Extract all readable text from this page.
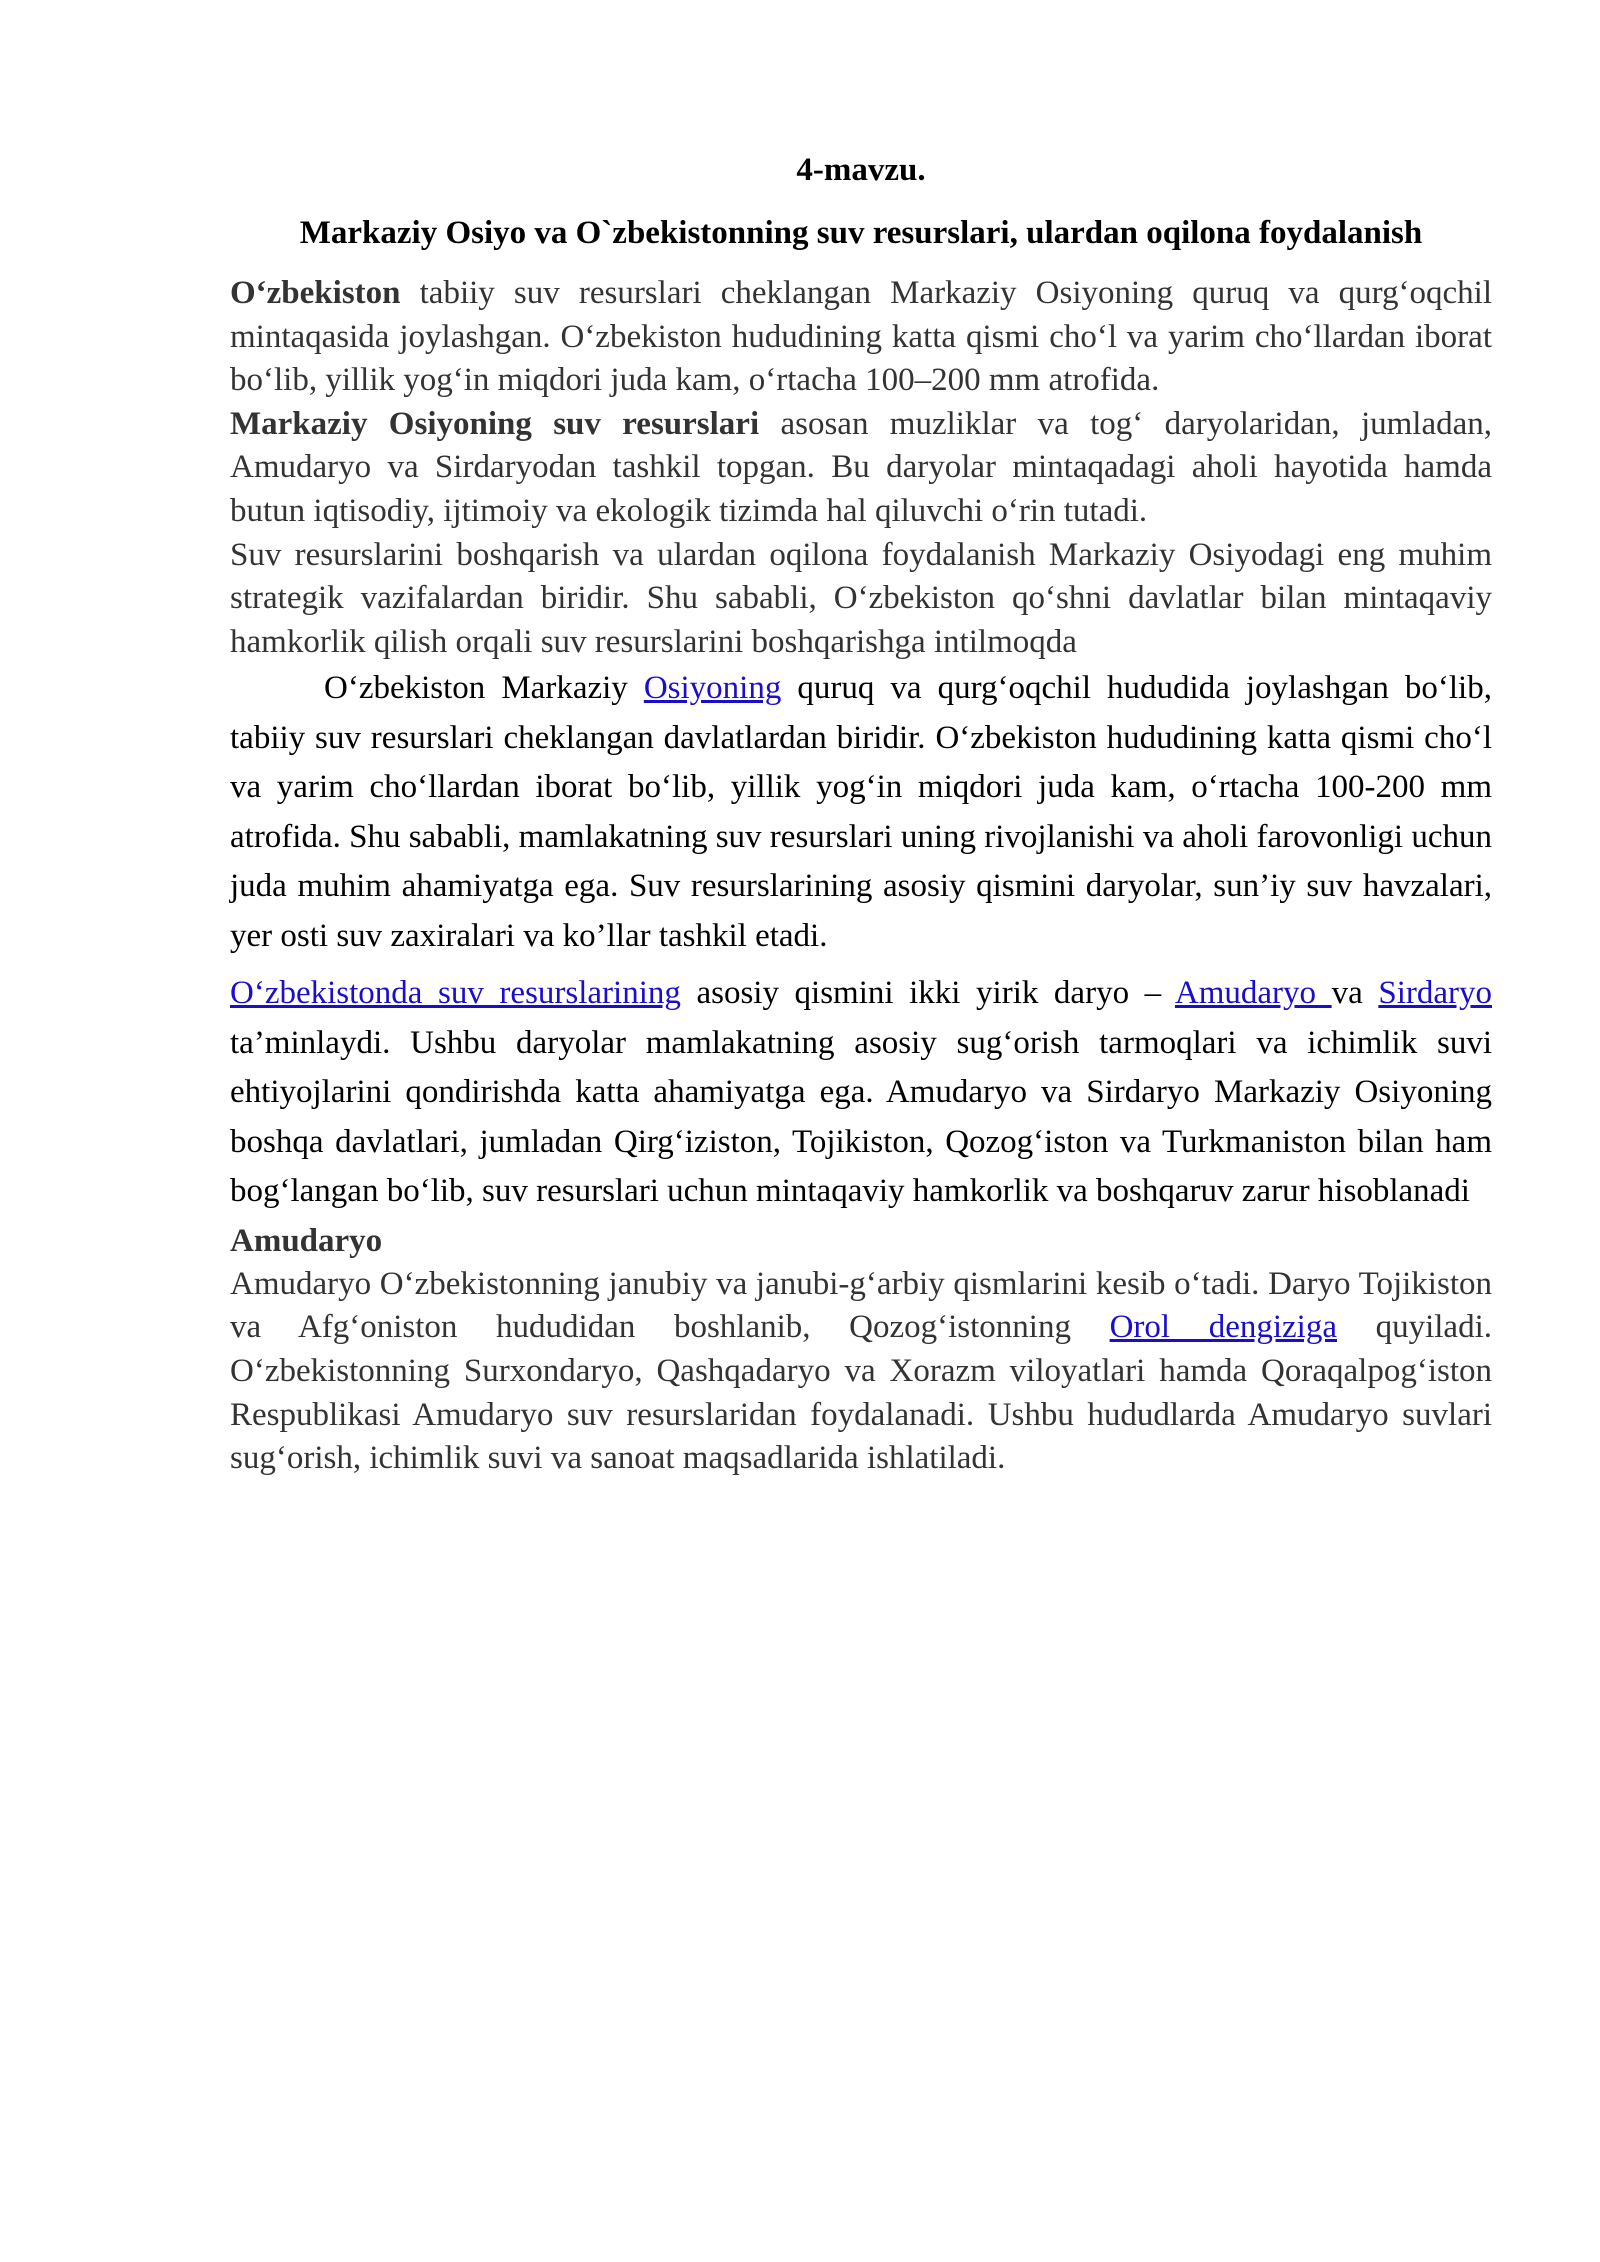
4-mavzu.

Markaziy Osiyo va O`zbekistonning suv resurslari, ulardan oqilona foydalanish

O‘zbekiston tabiiy suv resurslari cheklangan Markaziy Osiyoning quruq va qurg‘oqchil mintaqasida joylashgan. O‘zbekiston hududining katta qismi cho‘l va yarim cho‘llardan iborat bo‘lib, yillik yog‘in miqdori juda kam, o‘rtacha 100–200 mm atrofida.

Markaziy Osiyoning suv resurslari asosan muzliklar va tog‘ daryolaridan, jumladan, Amudaryo va Sirdaryodan tashkil topgan. Bu daryolar mintaqadagi aholi hayotida hamda butun iqtisodiy, ijtimoiy va ekologik tizimda hal qiluvchi o‘rin tutadi.

Suv resurslarini boshqarish va ulardan oqilona foydalanish Markaziy Osiyodagi eng muhim strategik vazifalardan biridir. Shu sababli, O‘zbekiston qo‘shni davlatlar bilan mintaqaviy hamkorlik qilish orqali suv resurslarini boshqarishga intilmoqda

O‘zbekiston Markaziy Osiyoning quruq va qurg‘oqchil hududida joylashgan bo‘lib, tabiiy suv resurslari cheklangan davlatlardan biridir. O‘zbekiston hududining katta qismi cho‘l va yarim cho‘llardan iborat bo‘lib, yillik yog‘in miqdori juda kam, o‘rtacha 100-200 mm atrofida. Shu sababli, mamlakatning suv resurslari uning rivojlanishi va aholi farovonligi uchun juda muhim ahamiyatga ega. Suv resurslarining asosiy qismini daryolar, sun’iy suv havzalari, yer osti suv zaxiralari va ko’llar tashkil etadi.

O‘zbekistonda suv resurslarining asosiy qismini ikki yirik daryo – Amudaryo va Sirdaryo ta’minlaydi. Ushbu daryolar mamlakatning asosiy sug‘orish tarmoqlari va ichimlik suvi ehtiyojlarini qondirishda katta ahamiyatga ega. Amudaryo va Sirdaryo Markaziy Osiyoning boshqa davlatlari, jumladan Qirg‘iziston, Tojikiston, Qozog‘iston va Turkmaniston bilan ham bog‘langan bo‘lib, suv resurslari uchun mintaqaviy hamkorlik va boshqaruv zarur hisoblanadi

Amudaryo

Amudaryo O‘zbekistonning janubiy va janubi-g‘arbiy qismlarini kesib o‘tadi. Daryo Tojikiston va Afg‘oniston hududidan boshlanib, Qozog‘istonning Orol dengiziga quyiladi. O‘zbekistonning Surxondaryo, Qashqadaryo va Xorazm viloyatlari hamda Qoraqalpog‘iston Respublikasi Amudaryo suv resurslaridan foydalanadi. Ushbu hududlarda Amudaryo suvlari sug‘orish, ichimlik suvi va sanoat maqsadlarida ishlatiladi.
